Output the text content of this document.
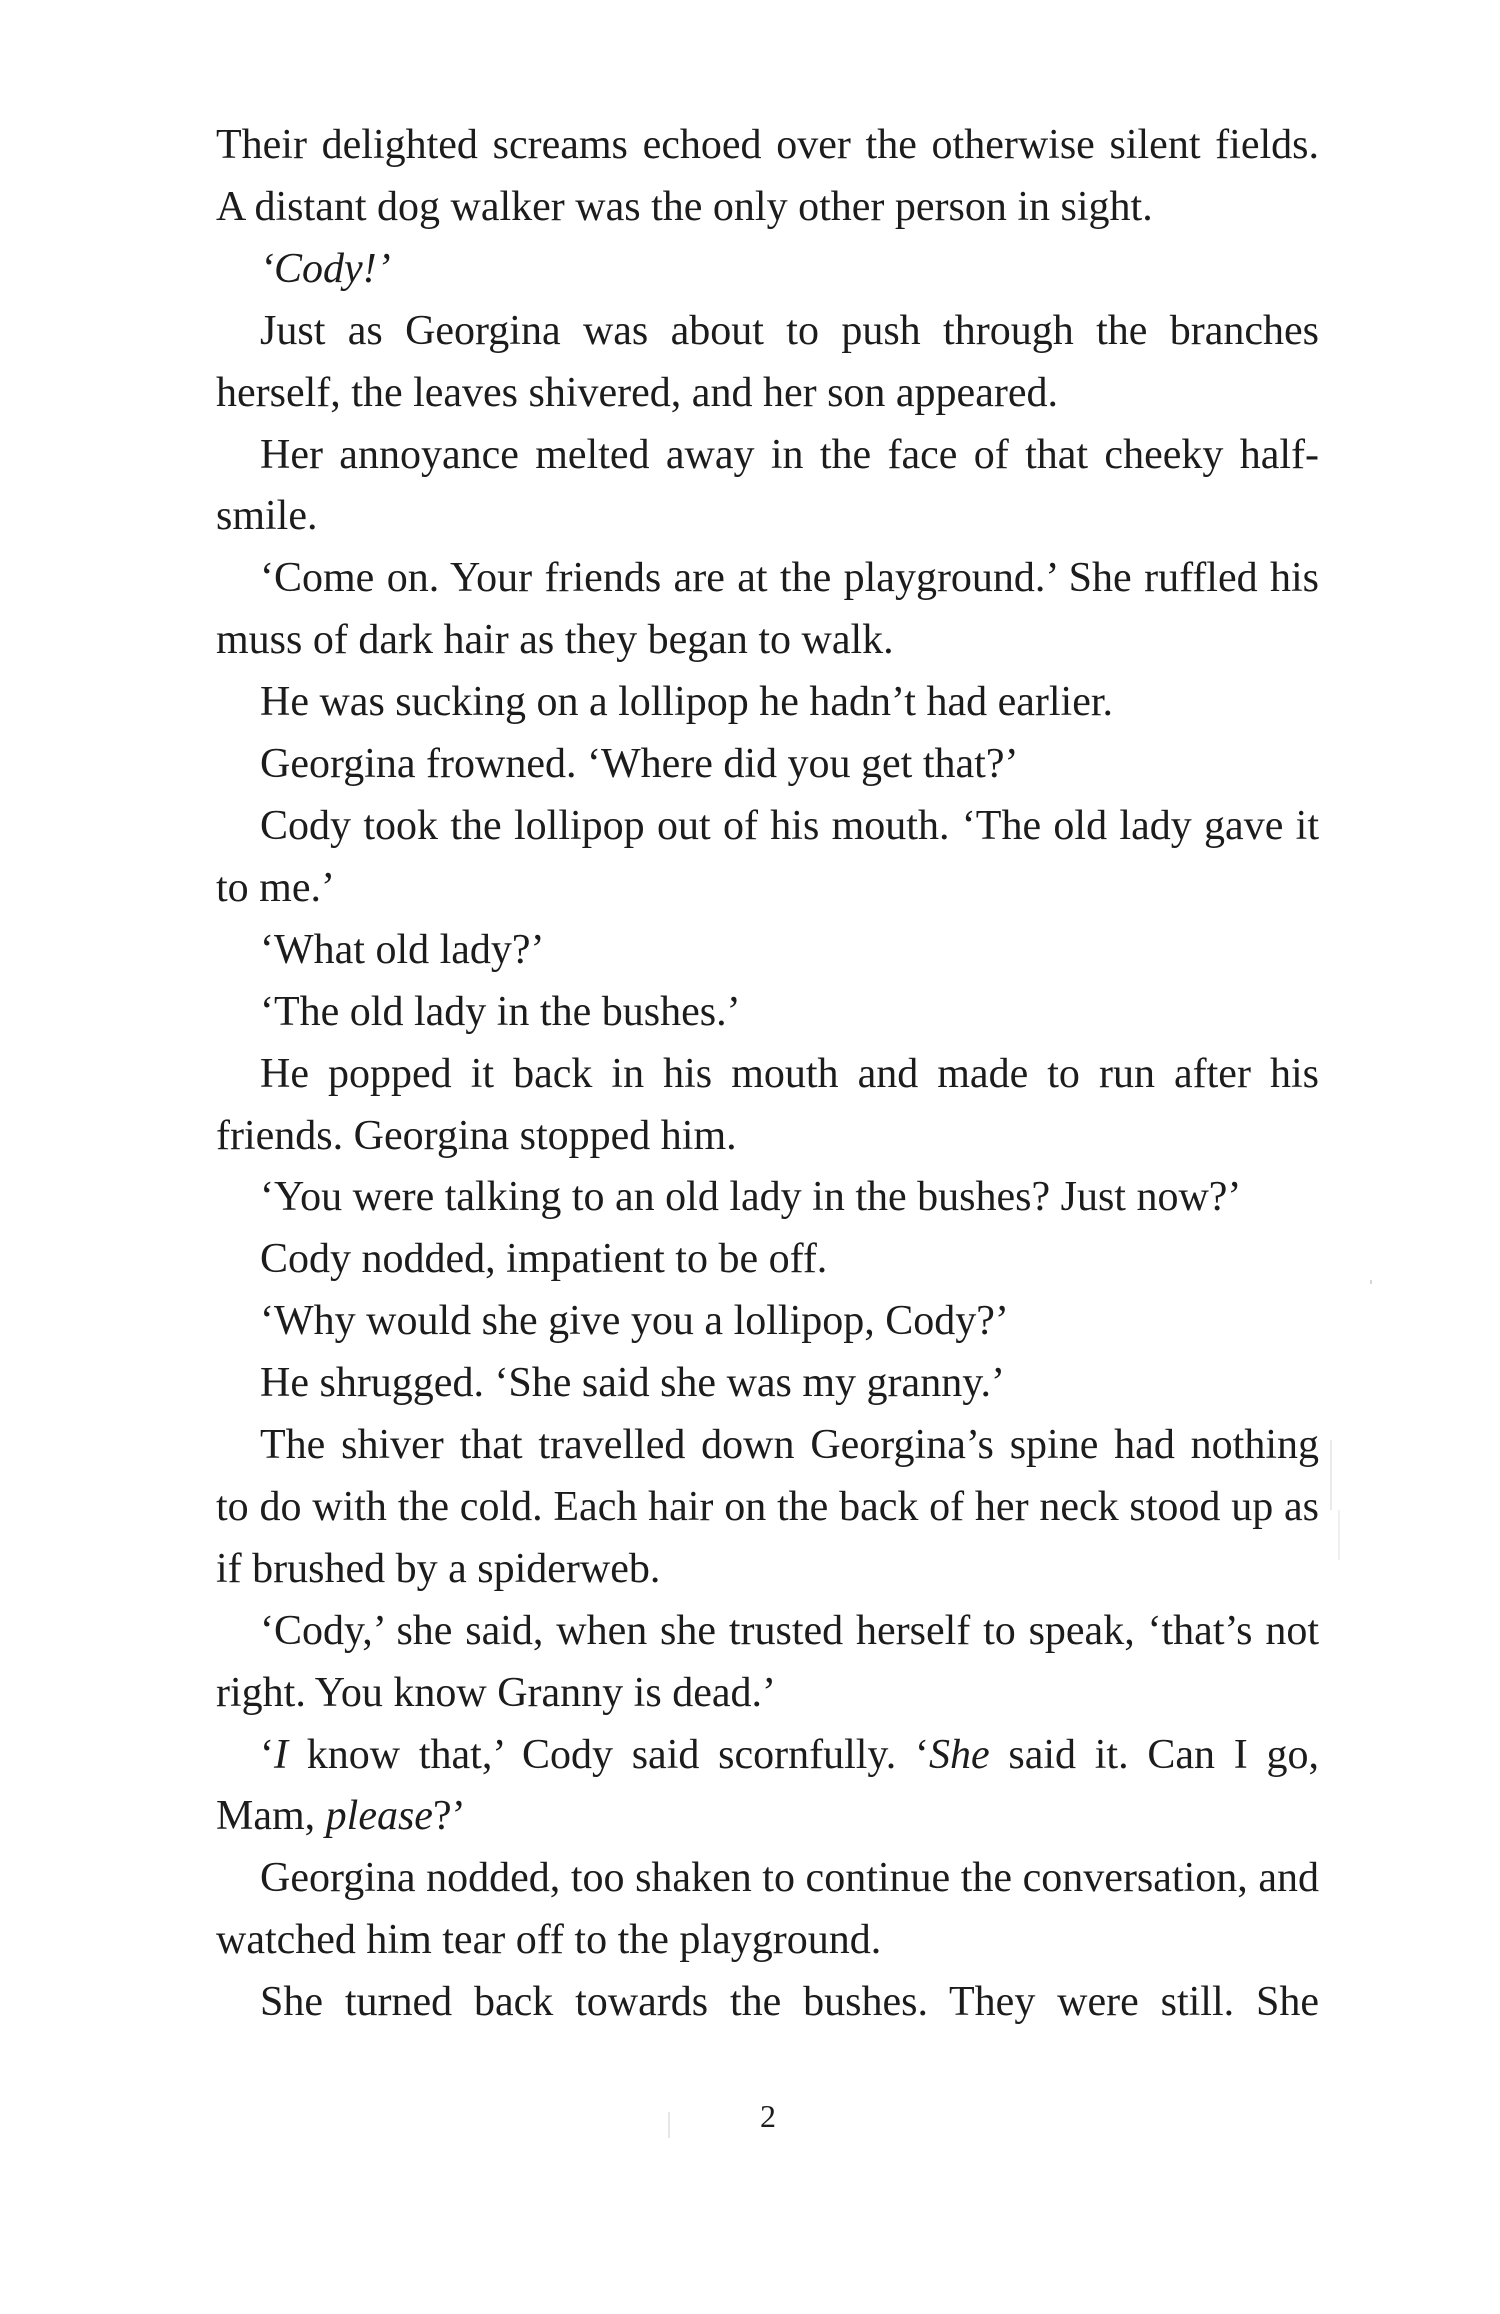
Their delighted screams echoed over the otherwise silent fields. A distant dog walker was the only other person in sight.

‘Cody!’

Just as Georgina was about to push through the branches herself, the leaves shivered, and her son appeared.

Her annoyance melted away in the face of that cheeky half-smile.

‘Come on. Your friends are at the playground.’ She ruffled his muss of dark hair as they began to walk.

He was sucking on a lollipop he hadn’t had earlier.

Georgina frowned. ‘Where did you get that?’

Cody took the lollipop out of his mouth. ‘The old lady gave it to me.’

‘What old lady?’

‘The old lady in the bushes.’

He popped it back in his mouth and made to run after his friends. Georgina stopped him.

‘You were talking to an old lady in the bushes? Just now?’

Cody nodded, impatient to be off.

‘Why would she give you a lollipop, Cody?’

He shrugged. ‘She said she was my granny.’

The shiver that travelled down Georgina’s spine had nothing to do with the cold. Each hair on the back of her neck stood up as if brushed by a spiderweb.

‘Cody,’ she said, when she trusted herself to speak, ‘that’s not right. You know Granny is dead.’

‘I know that,’ Cody said scornfully. ‘She said it. Can I go, Mam, please?’

Georgina nodded, too shaken to continue the conversation, and watched him tear off to the playground.

She turned back towards the bushes. They were still. She

2
